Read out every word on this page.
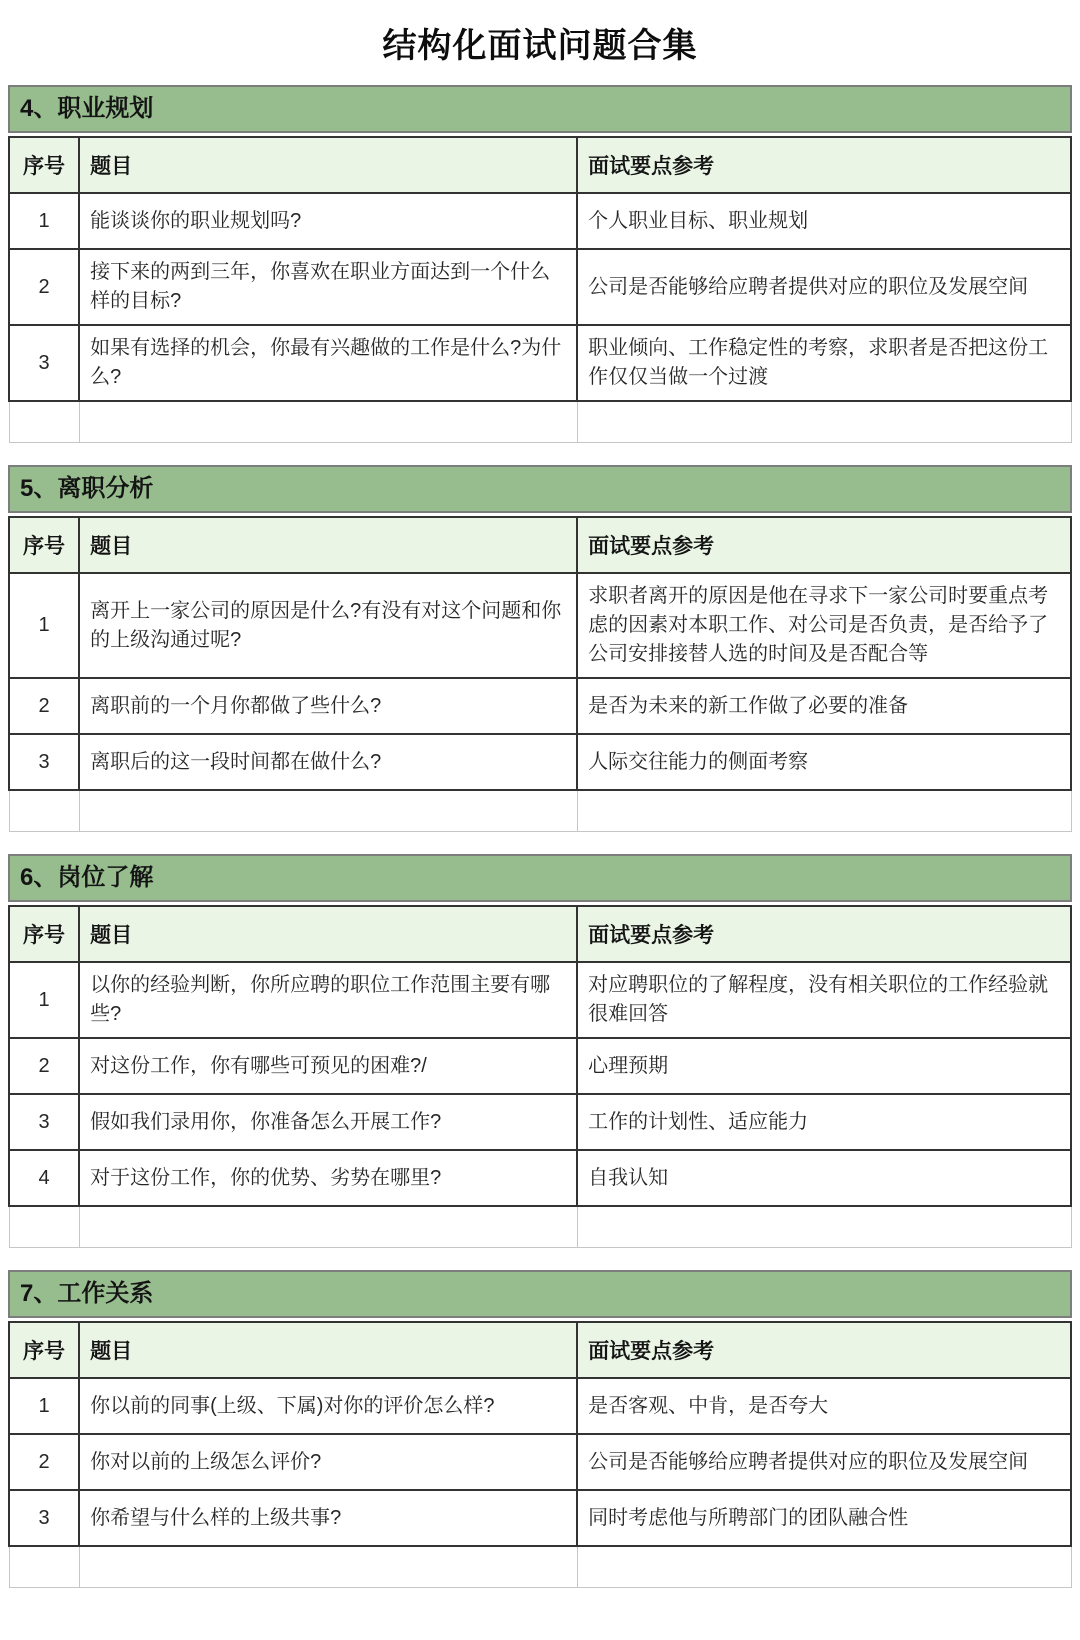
结构化面试问题合集
4、职业规划
序号	题目	面试要点参考
1	能谈谈你的职业规划吗?	个人职业目标、职业规划
2	接下来的两到三年，你喜欢在职业方面达到一个什么样的目标?	公司是否能够给应聘者提供对应的职位及发展空间
3	如果有选择的机会，你最有兴趣做的工作是什么?为什么?	职业倾向、工作稳定性的考察，求职者是否把这份工作仅仅当做一个过渡

5、离职分析
序号	题目	面试要点参考
1	离开上一家公司的原因是什么?有没有对这个问题和你的上级沟通过呢?	求职者离开的原因是他在寻求下一家公司时要重点考虑的因素对本职工作、对公司是否负责，是否给予了公司安排接替人选的时间及是否配合等
2	离职前的一个月你都做了些什么?	是否为未来的新工作做了必要的准备
3	离职后的这一段时间都在做什么?	人际交往能力的侧面考察

6、岗位了解
序号	题目	面试要点参考
1	以你的经验判断，你所应聘的职位工作范围主要有哪些?	对应聘职位的了解程度，没有相关职位的工作经验就很难回答
2	对这份工作，你有哪些可预见的困难?/	心理预期
3	假如我们录用你，你准备怎么开展工作?	工作的计划性、适应能力
4	对于这份工作，你的优势、劣势在哪里?	自我认知

7、工作关系
序号	题目	面试要点参考
1	你以前的同事(上级、下属)对你的评价怎么样?	是否客观、中肯，是否夸大
2	你对以前的上级怎么评价?	公司是否能够给应聘者提供对应的职位及发展空间
3	你希望与什么样的上级共事?	同时考虑他与所聘部门的团队融合性
